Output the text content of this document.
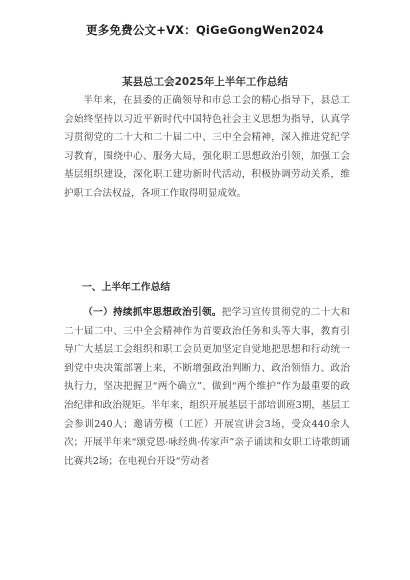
更多免费公文+VX：QiGeGongWen2024
某县总工会2025年上半年工作总结

半年来，在县委的正确领导和市总工会的精心指导下，县总工会始终坚持以习近平新时代中国特色社会主义思想为指导，认真学习贯彻党的二十大和二十届二中、三中全会精神，深入推进党纪学习教育，围绕中心、服务大局，强化职工思想政治引领，加强工会基层组织建设，深化职工建功新时代活动，积极协调劳动关系，维护职工合法权益，各项工作取得明显成效。

一、上半年工作总结

（一）持续抓牢思想政治引领。把学习宣传贯彻党的二十大和二十届二中、三中全会精神作为首要政治任务和头等大事，教育引导广大基层工会组织和职工会员更加坚定自觉地把思想和行动统一到党中央决策部署上来，不断增强政治判断力、政治领悟力、政治执行力，坚决把握卫“两个确立”、做到“两个维护”作为最重要的政治纪律和政治规矩。半年来，组织开展基层干部培训班3期，基层工会参训240人；邀请劳模（工匠）开展宣讲会3场，受众440余人次；开展半年来“颂党恩·咏经典·传家声”亲子诵读和女职工诗歌朗诵比赛共2场；在电视台开设“劳动者
